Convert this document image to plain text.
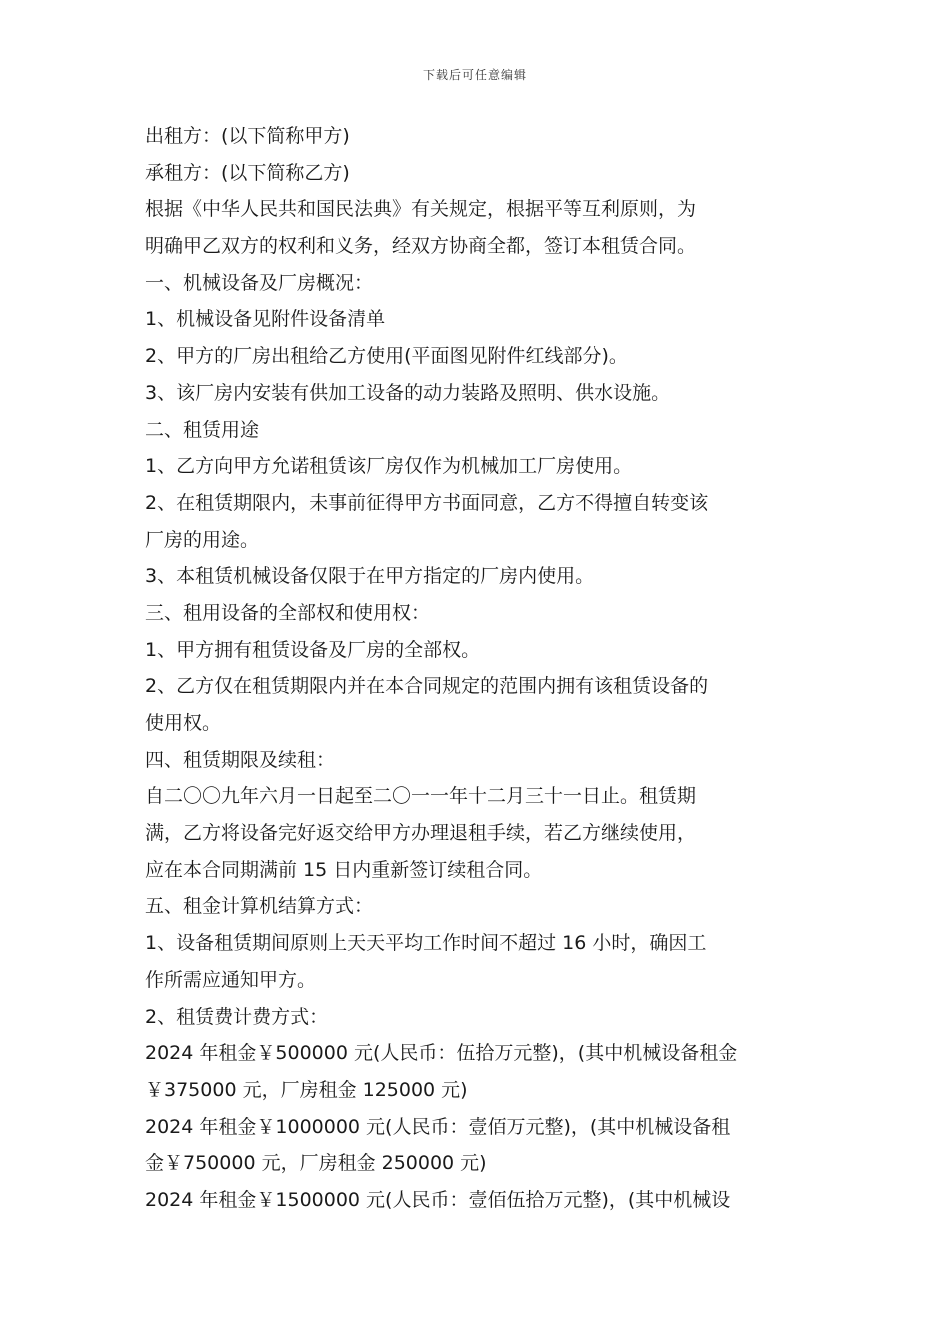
下载后可任意编辑
出租方：(以下简称甲方)
承租方：(以下简称乙方)
根据《中华人民共和国民法典》有关规定，根据平等互利原则，为
明确甲乙双方的权利和义务，经双方协商全都，签订本租赁合同。
一、机械设备及厂房概况：
1、机械设备见附件设备清单
2、甲方的厂房出租给乙方使用(平面图见附件红线部分)。
3、该厂房内安装有供加工设备的动力装路及照明、供水设施。
二、租赁用途
1、乙方向甲方允诺租赁该厂房仅作为机械加工厂房使用。
2、在租赁期限内，未事前征得甲方书面同意，乙方不得擅自转变该
厂房的用途。
3、本租赁机械设备仅限于在甲方指定的厂房内使用。
三、租用设备的全部权和使用权：
1、甲方拥有租赁设备及厂房的全部权。
2、乙方仅在租赁期限内并在本合同规定的范围内拥有该租赁设备的
使用权。
四、租赁期限及续租：
自二〇〇九年六月一日起至二〇一一年十二月三十一日止。租赁期
满，乙方将设备完好返交给甲方办理退租手续，若乙方继续使用，
应在本合同期满前 15 日内重新签订续租合同。
五、租金计算机结算方式：
1、设备租赁期间原则上天天平均工作时间不超过 16 小时，确因工
作所需应通知甲方。
2、租赁费计费方式：
2024 年租金￥500000 元(人民币：伍拾万元整)，(其中机械设备租金
￥375000 元，厂房租金 125000 元)
2024 年租金￥1000000 元(人民币：壹佰万元整)，(其中机械设备租
金￥750000 元，厂房租金 250000 元)
2024 年租金￥1500000 元(人民币：壹佰伍拾万元整)，(其中机械设
